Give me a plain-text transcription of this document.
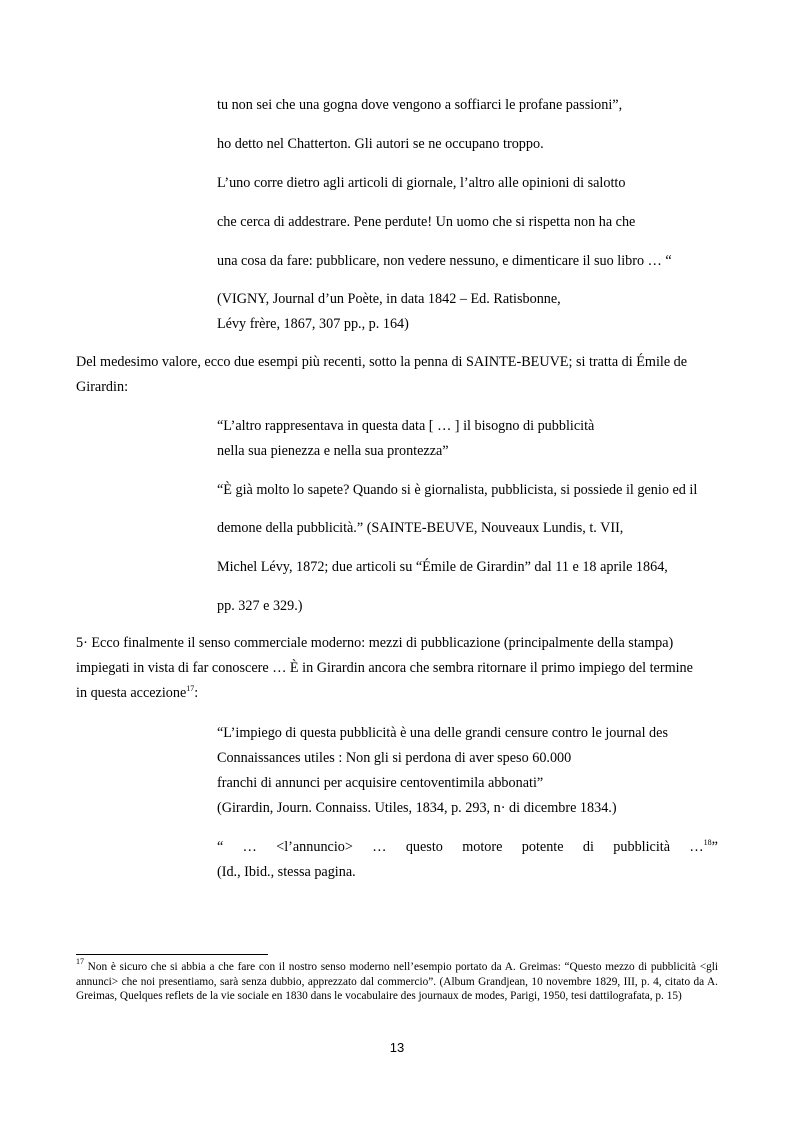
tu non sei che una gogna dove vengono a soffiarci le profane passioni”,
ho detto nel Chatterton. Gli autori se ne occupano troppo.
L’uno corre dietro agli articoli di giornale, l’altro alle opinioni di salotto
che cerca di addestrare. Pene perdute! Un uomo che si rispetta non ha che
una cosa da fare: pubblicare, non vedere nessuno, e dimenticare il suo libro … “
(VIGNY, Journal d’un Poète, in data 1842 – Ed. Ratisbonne,
Lévy frère, 1867, 307 pp., p. 164)
Del medesimo valore, ecco due esempi più recenti, sotto la penna di SAINTE-BEUVE; si tratta di Émile de
Girardin:
“L’altro rappresentava in questa data [ … ] il bisogno di pubblicità
nella sua pienezza e nella sua prontezza”
“È già molto lo sapete? Quando si è giornalista, pubblicista, si possiede il genio ed il
demone della pubblicità.” (SAINTE-BEUVE, Nouveaux Lundis, t. VII,
Michel Lévy, 1872; due articoli su “Émile de Girardin” dal 11 e 18 aprile 1864,
pp. 327 e 329.)
5· Ecco finalmente il senso commerciale moderno: mezzi di pubblicazione (principalmente della stampa)
impiegati in vista di far conoscere … È in Girardin ancora che sembra ritornare il primo impiego del termine
in questa accezione$^{17}$:
“L’impiego di questa pubblicità è una delle grandi censure contro le journal des
Connaissances utiles : Non gli si perdona di aver speso 60.000
franchi di annunci per acquisire centoventimila abbonati”
(Girardin, Journ. Connaiss. Utiles, 1834, p. 293, n· di dicembre 1834.)
“ … <l’annuncio> … questo motore potente di pubblicità …$^{18}$”
(Id., Ibid., stessa pagina.
$^{17}$ Non è sicuro che si abbia a che fare con il nostro senso moderno nell’esempio portato da A. Greimas: “Questo mezzo di pubblicità <gli annunci> che noi presentiamo, sarà senza dubbio, apprezzato dal commercio”. (Album Grandjean, 10 novembre 1829, III, p. 4, citato da A. Greimas, Quelques reflets de la vie sociale en 1830 dans le vocabulaire des journaux de modes, Parigi, 1950, tesi dattilografata, p. 15)
13
